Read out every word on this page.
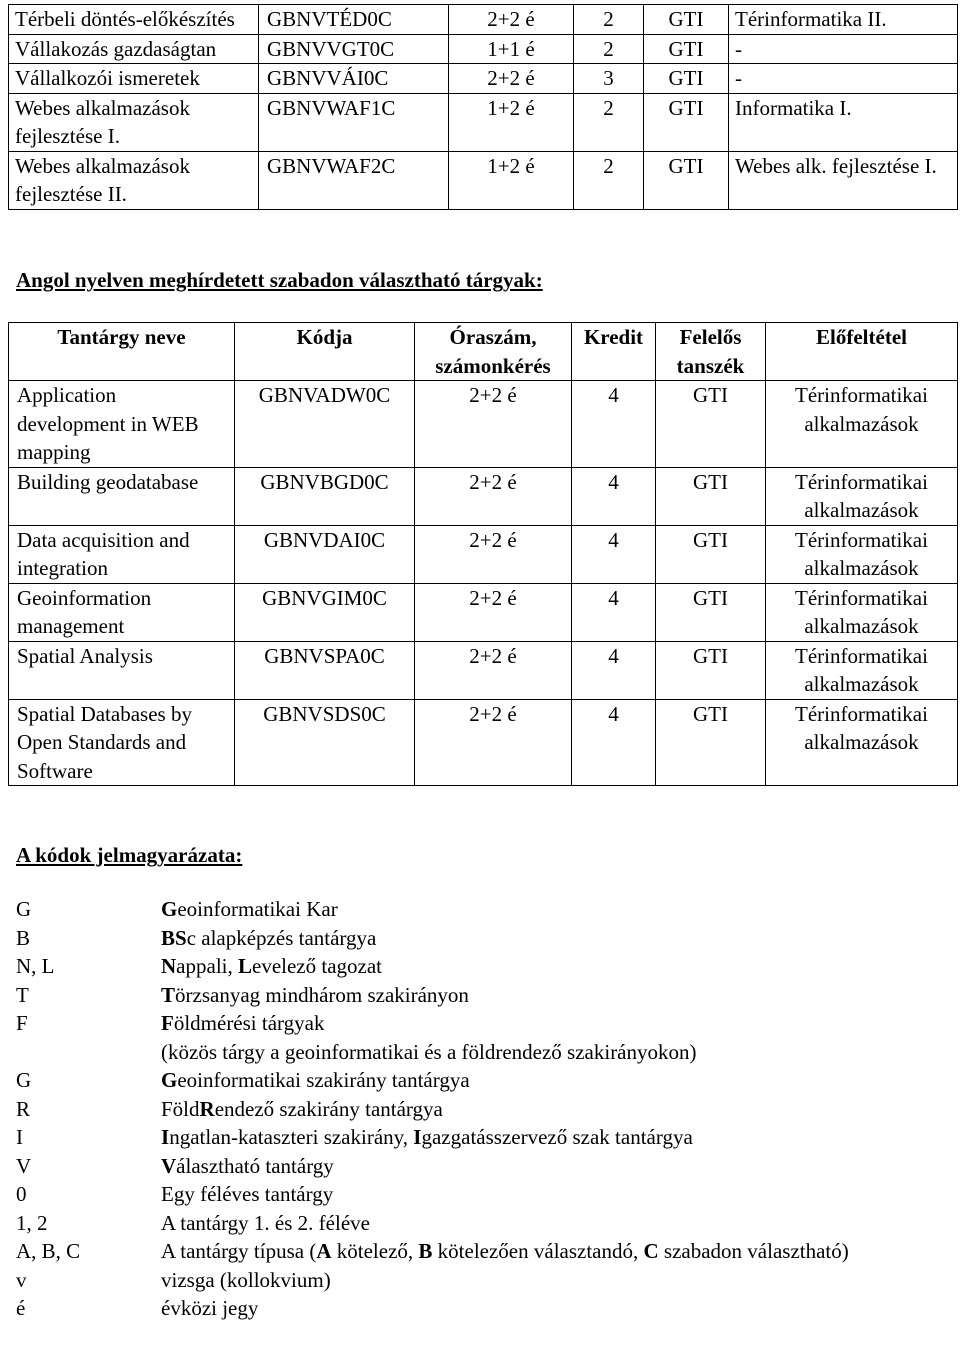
Térbeli döntés-előkészítés	GBNVTÉD0C	2+2 é	2	GTI	Térinformatika II.
Vállakozás gazdaságtan	GBNVVGT0C	1+1 é	2	GTI	-
Vállalkozói ismeretek	GBNVVÁI0C	2+2 é	3	GTI	-
Webes alkalmazások fejlesztése I.	GBNVWAF1C	1+2 é	2	GTI	Informatika I.
Webes alkalmazások fejlesztése II.	GBNVWAF2C	1+2 é	2	GTI	Webes alk. fejlesztése I.
Angol nyelven meghírdetett szabadon választható tárgyak:
Tantárgy neve	Kódja	Óraszám, számonkérés	Kredit	Felelős tanszék	Előfeltétel
Application development in WEB mapping	GBNVADW0C	2+2 é	4	GTI	Térinformatikai alkalmazások
Building geodatabase	GBNVBGD0C	2+2 é	4	GTI	Térinformatikai alkalmazások
Data acquisition and integration	GBNVDAI0C	2+2 é	4	GTI	Térinformatikai alkalmazások
Geoinformation management	GBNVGIM0C	2+2 é	4	GTI	Térinformatikai alkalmazások
Spatial Analysis	GBNVSPA0C	2+2 é	4	GTI	Térinformatikai alkalmazások
Spatial Databases by Open Standards and Software	GBNVSDS0C	2+2 é	4	GTI	Térinformatikai alkalmazások
A kódok jelmagyarázata:
G	Geoinformatikai Kar
B	BSc alapképzés tantárgya
N, L	Nappali, Levelező tagozat
T	Törzsanyag mindhárom szakirányon
F	Földmérési tárgyak
(közös tárgy a geoinformatikai és a földrendező szakirányokon)
G	Geoinformatikai szakirány tantárgya
R	FöldRendező szakirány tantárgya
I	Ingatlan-kataszteri szakirány, Igazgatásszervező szak tantárgya
V	Választható tantárgy
0	Egy féléves tantárgy
1, 2	A tantárgy 1. és 2. féléve
A, B, C	A tantárgy típusa (A kötelező, B kötelezően választandó, C szabadon választható)
v	vizsga (kollokvium)
é	évközi jegy
